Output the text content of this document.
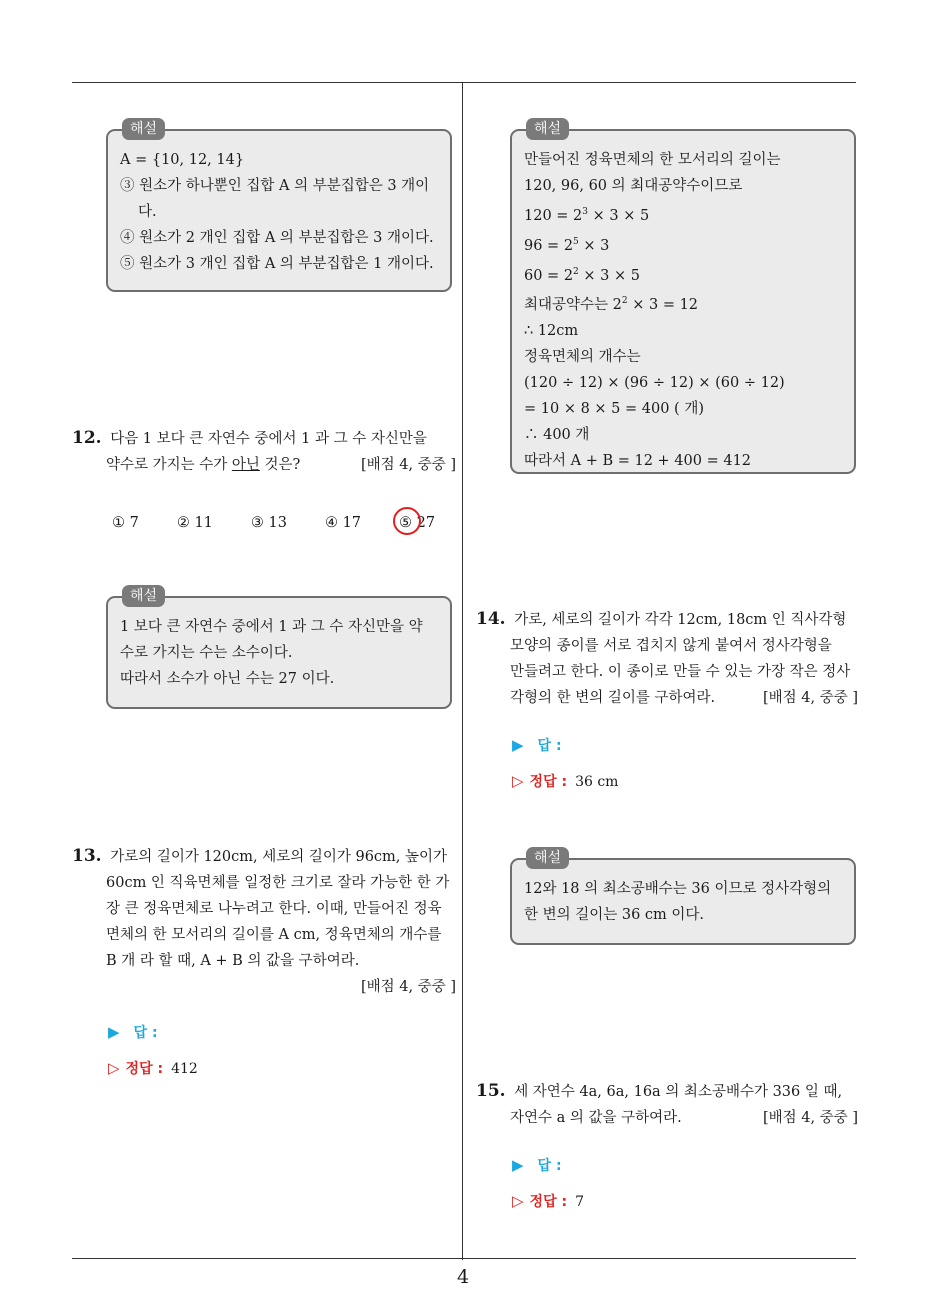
해설
A = {10, 12, 14}
③ 원소가 하나뿐인 집합 A 의 부분집합은 3 개이
다.
④ 원소가 2 개인 집합 A 의 부분집합은 3 개이다.
⑤ 원소가 3 개인 집합 A 의 부분집합은 1 개이다.
12. 다음 1 보다 큰 자연수 중에서 1 과 그 수 자신만을
약수로 가지는 수가 아닌 것은?	[배점 4, 중중 ]
① 7	② 11	③ 13	④ 17	⑤ 27
해설
1 보다 큰 자연수 중에서 1 과 그 수 자신만을 약
수로 가지는 수는 소수이다.
따라서 소수가 아닌 수는 27 이다.
13. 가로의 길이가 120cm, 세로의 길이가 96cm, 높이가
60cm 인 직육면체를 일정한 크기로 잘라 가능한 한 가
장 큰 정육면체로 나누려고 한다. 이때, 만들어진 정육
면체의 한 모서리의 길이를 A cm, 정육면체의 개수를
B 개 라 할 때, A + B 의 값을 구하여라.
[배점 4, 중중 ]
▶ 답 :
▷ 정답 : 412
해설
만들어진 정육면체의 한 모서리의 길이는
120, 96, 60 의 최대공약수이므로
$120 = 2^3 \times 3 \times 5$
$96 = 2^5 \times 3$
$60 = 2^2 \times 3 \times 5$
최대공약수는 $2^2 \times 3 = 12$
∴ 12cm
정육면체의 개수는
(120 ÷ 12) × (96 ÷ 12) × (60 ÷ 12)
= 10 × 8 × 5 = 400 ( 개)
∴ 400 개
따라서 A + B = 12 + 400 = 412
14. 가로, 세로의 길이가 각각 12cm, 18cm 인 직사각형
모양의 종이를 서로 겹치지 않게 붙여서 정사각형을
만들려고 한다. 이 종이로 만들 수 있는 가장 작은 정사
각형의 한 변의 길이를 구하여라.	[배점 4, 중중 ]
▶ 답 :
▷ 정답 : 36 cm
해설
12와 18 의 최소공배수는 36 이므로 정사각형의
한 변의 길이는 36 cm 이다.
15. 세 자연수 4a, 6a, 16a 의 최소공배수가 336 일 때,
자연수 a 의 값을 구하여라.	[배점 4, 중중 ]
▶ 답 :
▷ 정답 : 7
4
